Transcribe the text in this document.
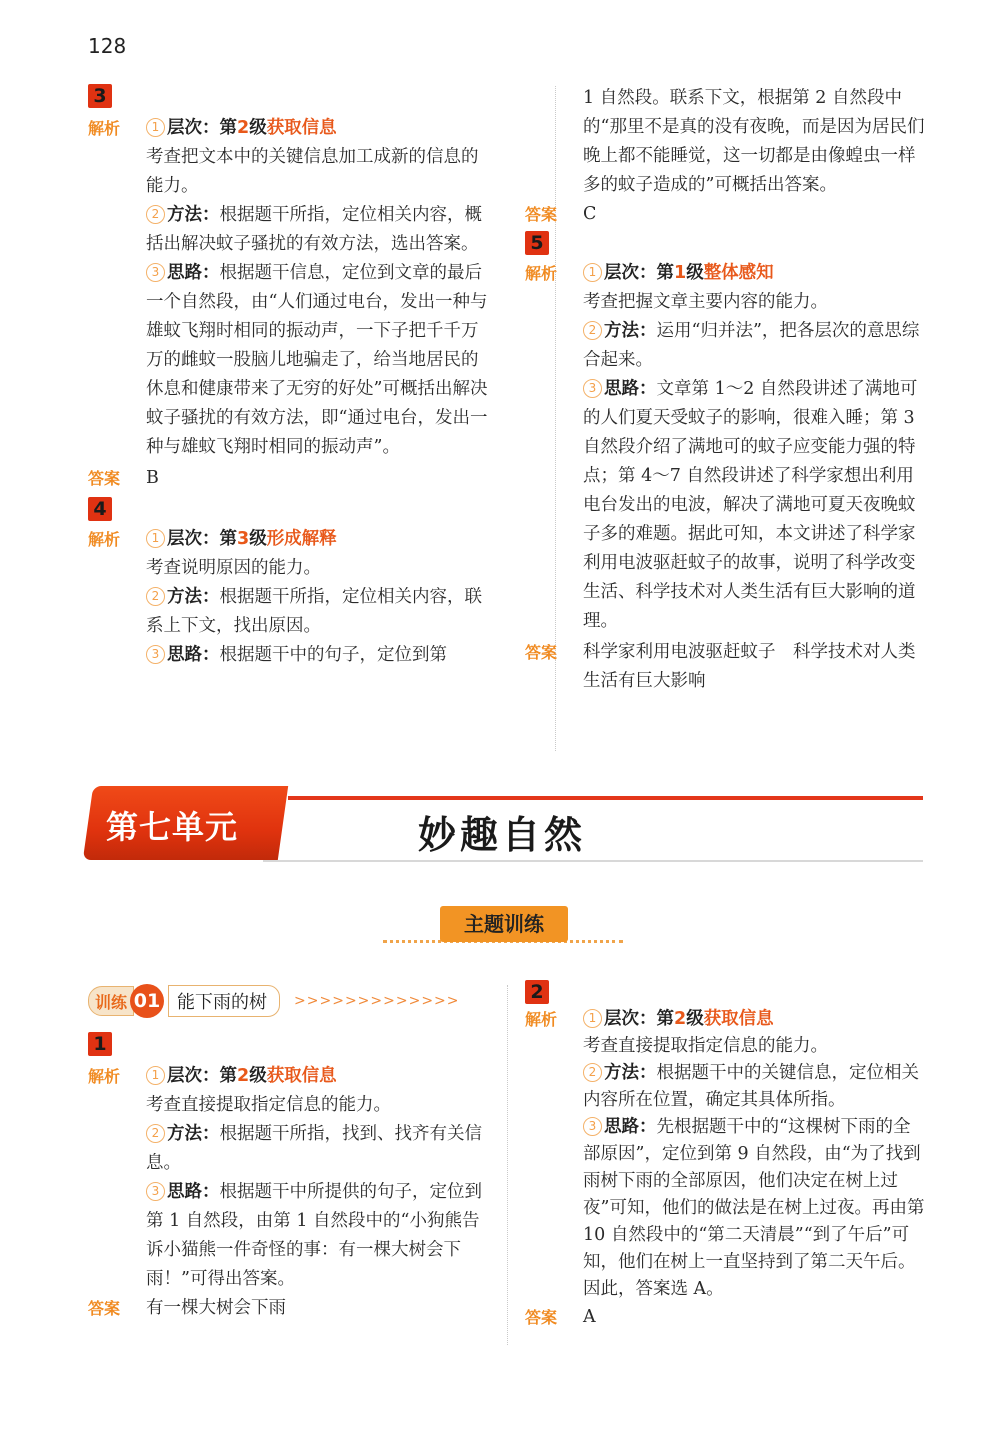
128
3
解析	1 层次：第2级获取信息
考查把文本中的关键信息加工成新的信息的能力。
2 方法：根据题干所指，定位相关内容，概括出解决蚊子骚扰的有效方法，选出答案。
3 思路：根据题干信息，定位到文章的最后一个自然段，由“人们通过电台，发出一种与雄蚊飞翔时相同的振动声，一下子把千千万万的雌蚊一股脑儿地骗走了，给当地居民的休息和健康带来了无穷的好处”可概括出解决蚊子骚扰的有效方法，即“通过电台，发出一种与雄蚊飞翔时相同的振动声”。
答案 B
4
解析	1 层次：第3级形成解释
考查说明原因的能力。
2 方法：根据题干所指，定位相关内容，联系上下文，找出原因。
3 思路：根据题干中的句子，定位到第
1 自然段。联系下文，根据第 2 自然段中的“那里不是真的没有夜晚，而是因为居民们晚上都不能睡觉，这一切都是由像蝗虫一样多的蚊子造成的”可概括出答案。
答案 C
5
解析	1 层次：第1级整体感知
考查把握文章主要内容的能力。
2 方法：运用“归并法”，把各层次的意思综合起来。
3 思路：文章第 1～2 自然段讲述了满地可的人们夏天受蚊子的影响，很难入睡；第 3 自然段介绍了满地可的蚊子应变能力强的特点；第 4～7 自然段讲述了科学家想出利用电台发出的电波，解决了满地可夏天夜晚蚊子多的难题。据此可知，本文讲述了科学家利用电波驱赶蚊子的故事，说明了科学改变生活、科学技术对人类生活有巨大影响的道理。
答案 科学家利用电波驱赶蚊子　科学技术对人类生活有巨大影响
第七单元	妙趣自然
主题训练
训练 01 能下雨的树	>>>>>>>>>>>>>
1
解析	1 层次：第2级获取信息
考查直接提取指定信息的能力。
2 方法：根据题干所指，找到、找齐有关信息。
3 思路：根据题干中所提供的句子，定位到第 1 自然段，由第 1 自然段中的“小狗熊告诉小猫熊一件奇怪的事：有一棵大树会下雨！”可得出答案。
答案 有一棵大树会下雨
2
解析	1 层次：第2级获取信息
考查直接提取指定信息的能力。
2 方法：根据题干中的关键信息，定位相关内容所在位置，确定其具体所指。
3 思路：先根据题干中的“这棵树下雨的全部原因”，定位到第 9 自然段，由“为了找到雨树下雨的全部原因，他们决定在树上过夜”可知，他们的做法是在树上过夜。再由第 10 自然段中的“第二天清晨”“到了午后”可知，他们在树上一直坚持到了第二天午后。因此，答案选 A。
答案 A
